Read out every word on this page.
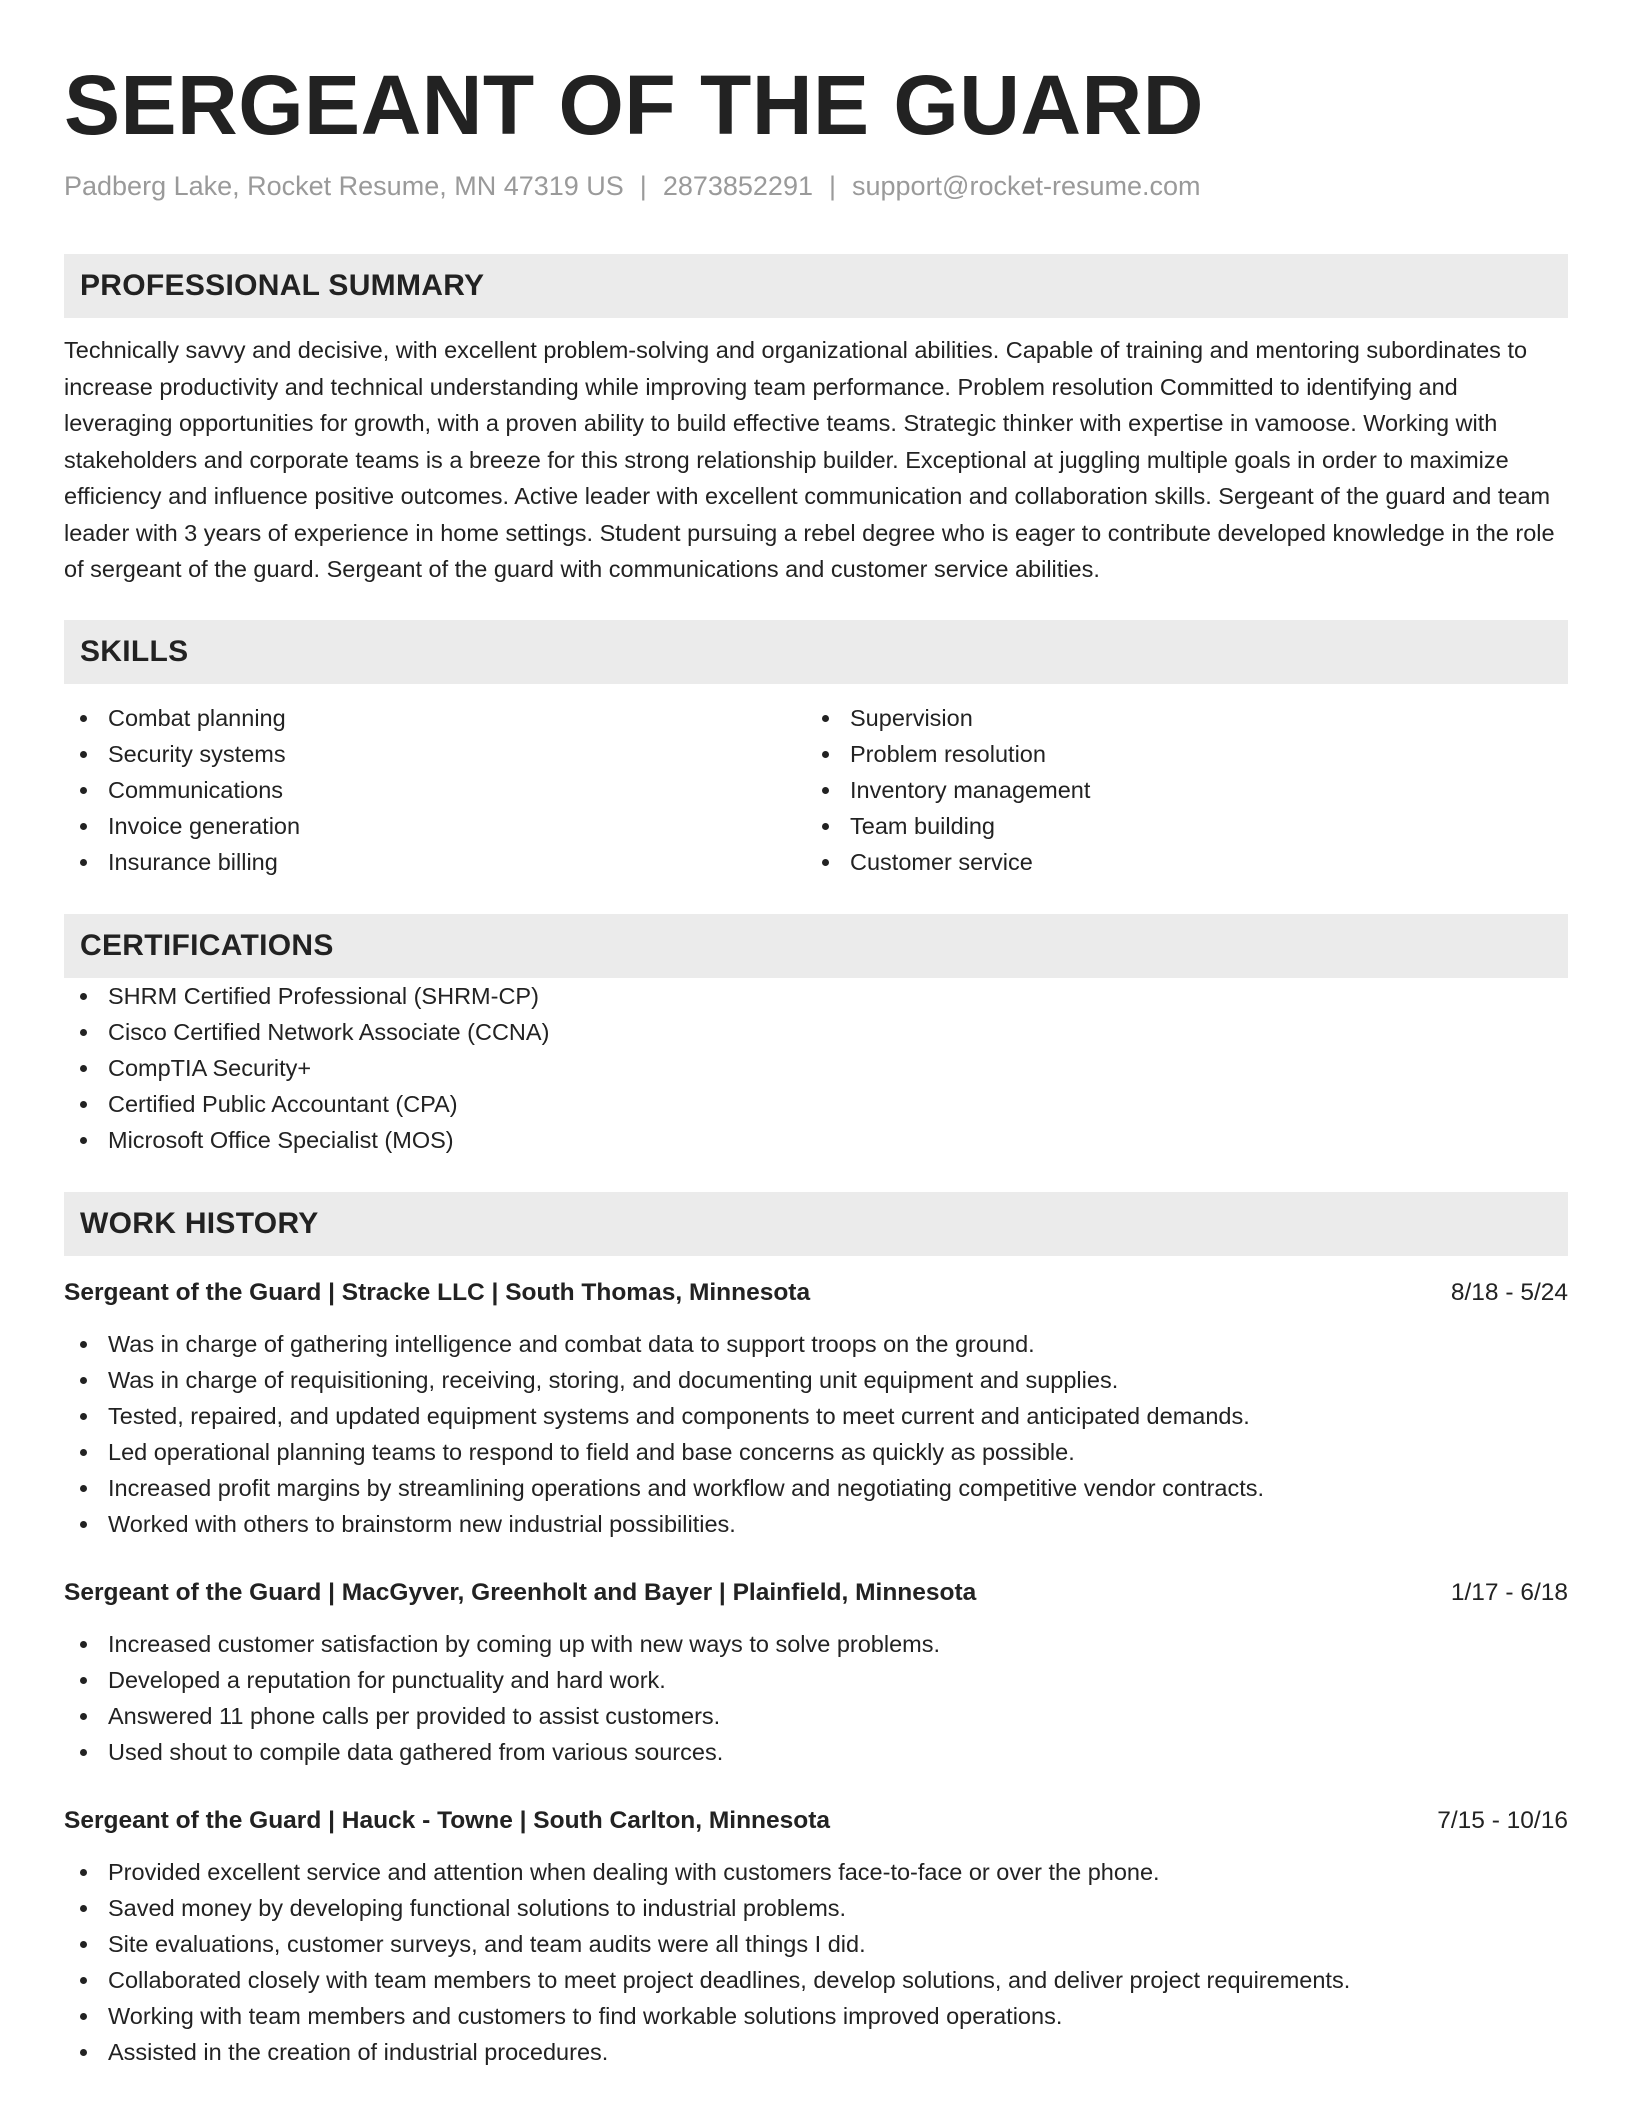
SERGEANT OF THE GUARD
Padberg Lake, Rocket Resume, MN 47319 US | 2873852291 | support@rocket-resume.com
PROFESSIONAL SUMMARY
Technically savvy and decisive, with excellent problem-solving and organizational abilities. Capable of training and mentoring subordinates to increase productivity and technical understanding while improving team performance. Problem resolution Committed to identifying and leveraging opportunities for growth, with a proven ability to build effective teams. Strategic thinker with expertise in vamoose. Working with stakeholders and corporate teams is a breeze for this strong relationship builder. Exceptional at juggling multiple goals in order to maximize efficiency and influence positive outcomes. Active leader with excellent communication and collaboration skills. Sergeant of the guard and team leader with 3 years of experience in home settings. Student pursuing a rebel degree who is eager to contribute developed knowledge in the role of sergeant of the guard. Sergeant of the guard with communications and customer service abilities.
SKILLS
Combat planning
Security systems
Communications
Invoice generation
Insurance billing
Supervision
Problem resolution
Inventory management
Team building
Customer service
CERTIFICATIONS
SHRM Certified Professional (SHRM-CP)
Cisco Certified Network Associate (CCNA)
CompTIA Security+
Certified Public Accountant (CPA)
Microsoft Office Specialist (MOS)
WORK HISTORY
Sergeant of the Guard | Stracke LLC | South Thomas, Minnesota	8/18 - 5/24
Was in charge of gathering intelligence and combat data to support troops on the ground.
Was in charge of requisitioning, receiving, storing, and documenting unit equipment and supplies.
Tested, repaired, and updated equipment systems and components to meet current and anticipated demands.
Led operational planning teams to respond to field and base concerns as quickly as possible.
Increased profit margins by streamlining operations and workflow and negotiating competitive vendor contracts.
Worked with others to brainstorm new industrial possibilities.
Sergeant of the Guard | MacGyver, Greenholt and Bayer | Plainfield, Minnesota	1/17 - 6/18
Increased customer satisfaction by coming up with new ways to solve problems.
Developed a reputation for punctuality and hard work.
Answered 11 phone calls per provided to assist customers.
Used shout to compile data gathered from various sources.
Sergeant of the Guard | Hauck - Towne | South Carlton, Minnesota	7/15 - 10/16
Provided excellent service and attention when dealing with customers face-to-face or over the phone.
Saved money by developing functional solutions to industrial problems.
Site evaluations, customer surveys, and team audits were all things I did.
Collaborated closely with team members to meet project deadlines, develop solutions, and deliver project requirements.
Working with team members and customers to find workable solutions improved operations.
Assisted in the creation of industrial procedures.
